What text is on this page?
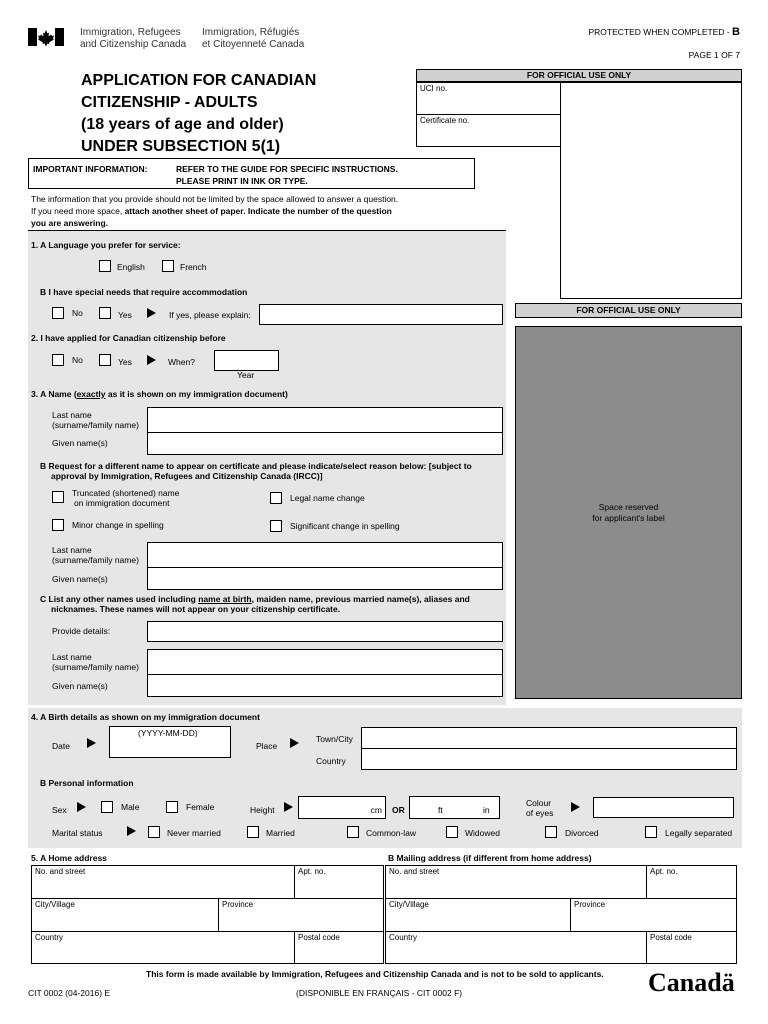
Immigration, Refugees
and Citizenship Canada
Immigration, Réfugiés
et Citoyenneté Canada
PROTECTED WHEN COMPLETED - B
PAGE 1 OF 7
APPLICATION FOR CANADIAN
CITIZENSHIP - ADULTS
(18 years of age and older)
UNDER SUBSECTION 5(1)
FOR OFFICIAL USE ONLY
UCI no.
Certificate no.
IMPORTANT INFORMATION:	REFER TO THE GUIDE FOR SPECIFIC INSTRUCTIONS.
PLEASE PRINT IN INK OR TYPE.
The information that you provide should not be limited by the space allowed to answer a question.
If you need more space, attach another sheet of paper. Indicate the number of the question
you are answering.
1. A Language you prefer for service:
English	French
B I have special needs that require accommodation
No	Yes	If yes, please explain:
2. I have applied for Canadian citizenship before
No	Yes	When?
Year
3. A Name (exactly as it is shown on my immigration document)
Last name
(surname/family name)
Given name(s)
B Request for a different name to appear on certificate and please indicate/select reason below: [subject to
approval by Immigration, Refugees and Citizenship Canada (IRCC)]
Truncated (shortened) name
on immigration document	Legal name change
Minor change in spelling	Significant change in spelling
Last name
(surname/family name)
Given name(s)
C List any other names used including name at birth, maiden name, previous married name(s), aliases and
nicknames. These names will not appear on your citizenship certificate.
Provide details:
Last name
(surname/family name)
Given name(s)
FOR OFFICIAL USE ONLY
Space reserved
for applicant's label
4. A Birth details as shown on my immigration document
Date
(YYYY-MM-DD)
Place
Town/City
Country
B Personal information
Sex	Male	Female	Height	cm OR	ft	in
Colour
of eyes
Marital status	Never married	Married	Common-law	Widowed	Divorced	Legally separated
5. A Home address	B Mailing address (if different from home address)
No. and street	Apt. no.
City/Village	Province
Country	Postal code
No. and street	Apt. no.
City/Village	Province
Country	Postal code
This form is made available by Immigration, Refugees and Citizenship Canada and is not to be sold to applicants.
CIT 0002 (04-2016) E	(DISPONIBLE EN FRANÇAIS - CIT 0002 F)	Canadä
